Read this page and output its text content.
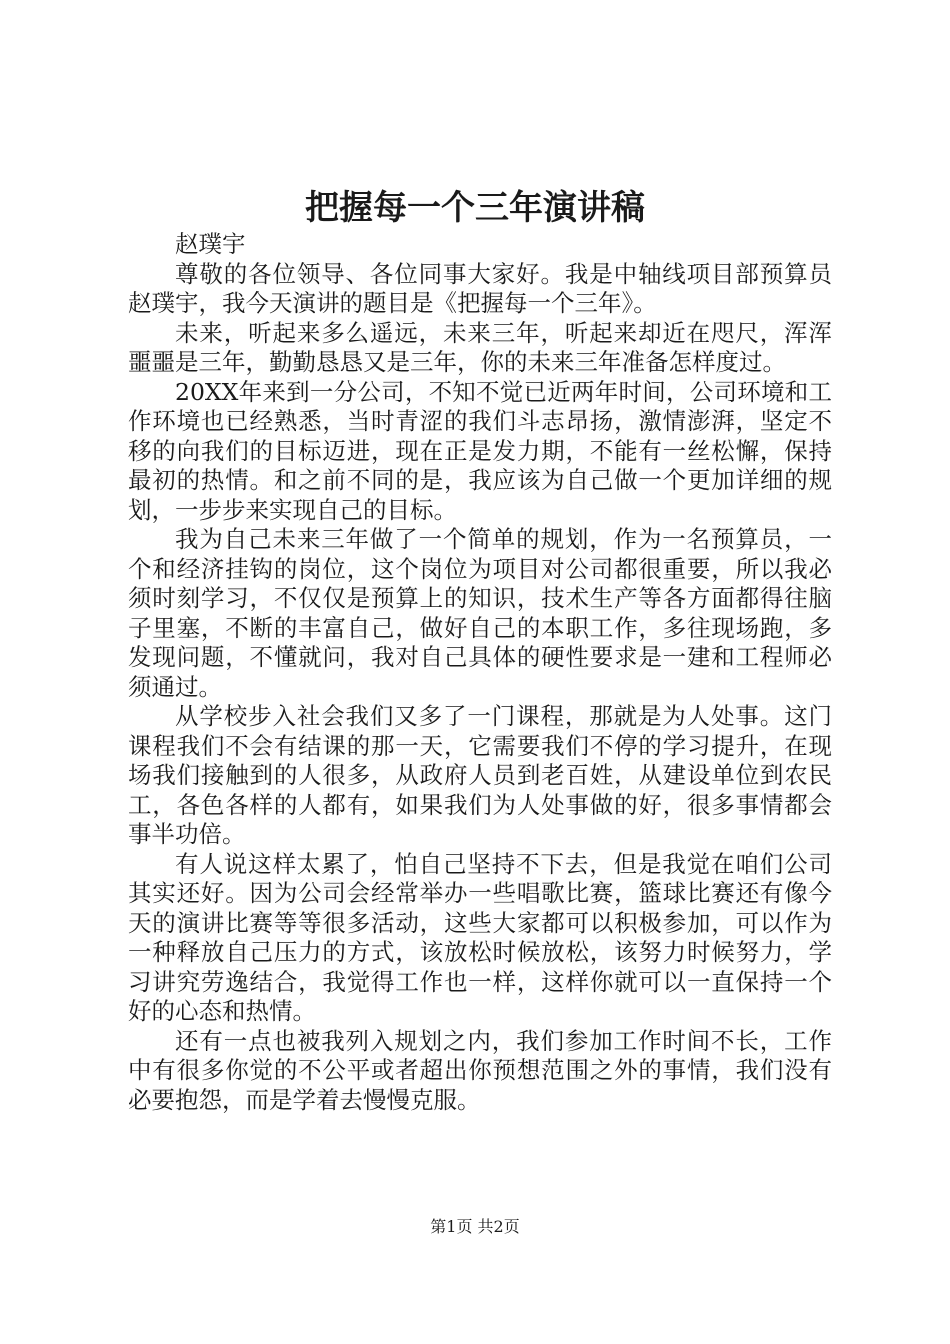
把握每一个三年演讲稿

赵璞宇

尊敬的各位领导、各位同事大家好。我是中轴线项目部预算员赵璞宇，我今天演讲的题目是《把握每一个三年》。

未来，听起来多么遥远，未来三年，听起来却近在咫尺，浑浑噩噩是三年，勤勤恳恳又是三年，你的未来三年准备怎样度过。

20XX年来到一分公司，不知不觉已近两年时间，公司环境和工作环境也已经熟悉，当时青涩的我们斗志昂扬，激情澎湃，坚定不移的向我们的目标迈进，现在正是发力期，不能有一丝松懈，保持最初的热情。和之前不同的是，我应该为自己做一个更加详细的规划，一步步来实现自己的目标。

我为自己未来三年做了一个简单的规划，作为一名预算员，一个和经济挂钩的岗位，这个岗位为项目对公司都很重要，所以我必须时刻学习，不仅仅是预算上的知识，技术生产等各方面都得往脑子里塞，不断的丰富自己，做好自己的本职工作，多往现场跑，多发现问题，不懂就问，我对自己具体的硬性要求是一建和工程师必须通过。

从学校步入社会我们又多了一门课程，那就是为人处事。这门课程我们不会有结课的那一天，它需要我们不停的学习提升，在现场我们接触到的人很多，从政府人员到老百姓，从建设单位到农民工，各色各样的人都有，如果我们为人处事做的好，很多事情都会事半功倍。

有人说这样太累了，怕自己坚持不下去，但是我觉在咱们公司其实还好。因为公司会经常举办一些唱歌比赛，篮球比赛还有像今天的演讲比赛等等很多活动，这些大家都可以积极参加，可以作为一种释放自己压力的方式，该放松时候放松，该努力时候努力，学习讲究劳逸结合，我觉得工作也一样，这样你就可以一直保持一个好的心态和热情。

还有一点也被我列入规划之内，我们参加工作时间不长，工作中有很多你觉的不公平或者超出你预想范围之外的事情，我们没有必要抱怨，而是学着去慢慢克服。

第1页 共2页
